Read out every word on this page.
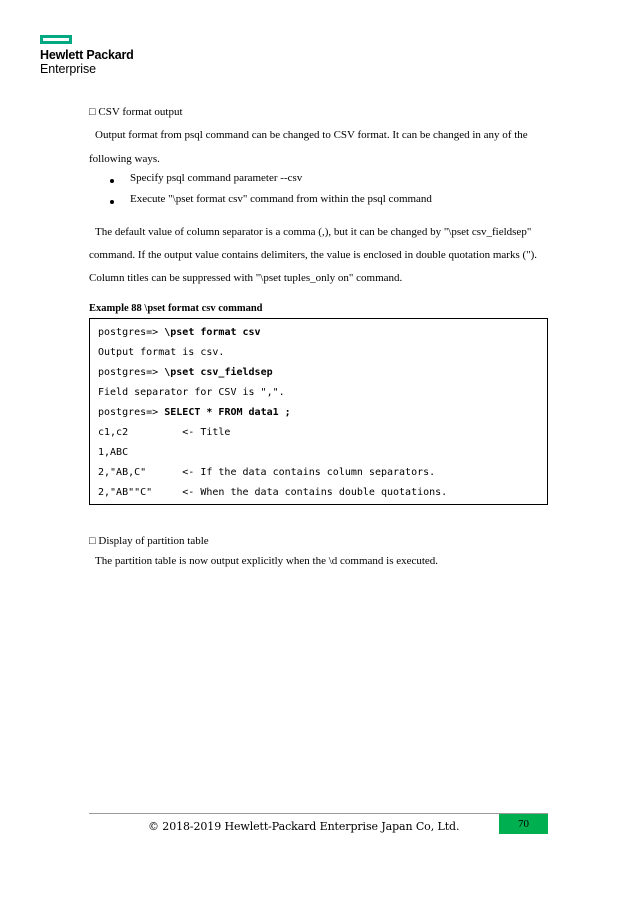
Hewlett Packard
Enterprise
□ CSV format output
Output format from psql command can be changed to CSV format. It can be changed in any of the
following ways.
Specify psql command parameter --csv
Execute "\pset format csv" command from within the psql command
The default value of column separator is a comma (,), but it can be changed by "\pset csv_fieldsep"
command. If the output value contains delimiters, the value is enclosed in double quotation marks (").
Column titles can be suppressed with "\pset tuples_only on" command.
Example 88 \pset format csv command
postgres=> \pset format csv
Output format is csv.
postgres=> \pset csv_fieldsep
Field separator for CSV is ",".
postgres=> SELECT * FROM data1 ;
c1,c2         <- Title
1,ABC
2,"AB,C"      <- If the data contains column separators.
2,"AB""C"     <- When the data contains double quotations.
□ Display of partition table
The partition table is now output explicitly when the \d command is executed.
© 2018-2019 Hewlett-Packard Enterprise Japan Co, Ltd.	70
